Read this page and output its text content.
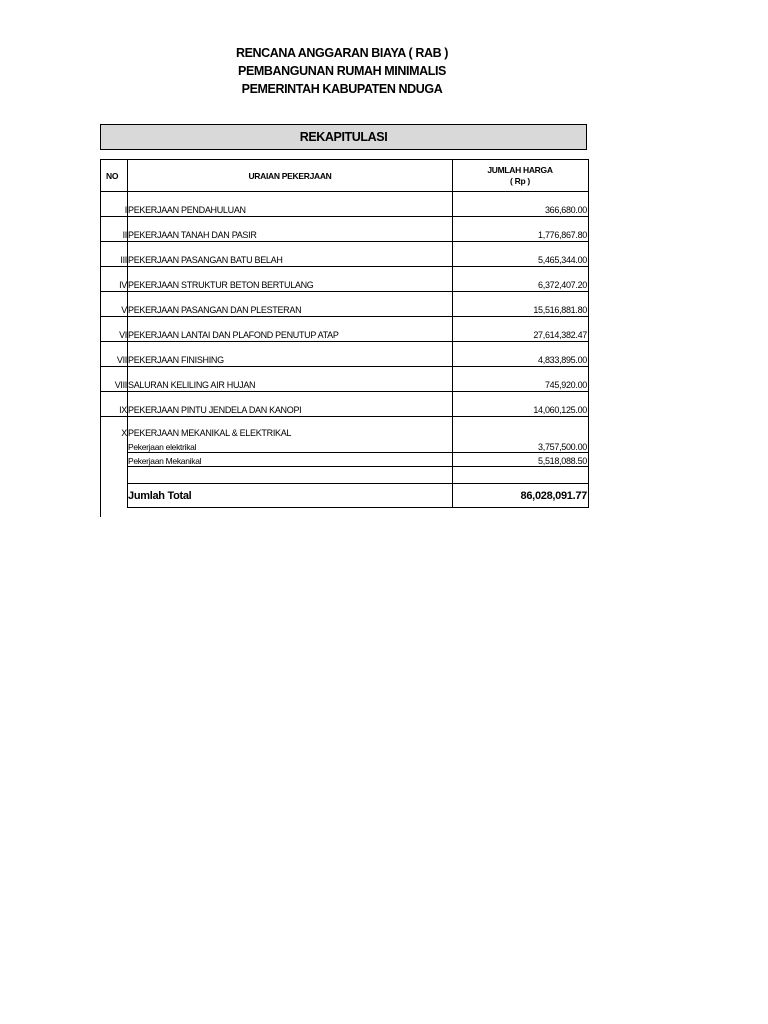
RENCANA ANGGARAN BIAYA ( RAB )
PEMBANGUNAN RUMAH MINIMALIS
PEMERINTAH KABUPATEN NDUGA
REKAPITULASI
NO	URAIAN PEKERJAAN	JUMLAH HARGA
( Rp )

I	PEKERJAAN PENDAHULUAN	366,680.00
II	PEKERJAAN TANAH DAN PASIR	1,776,867.80
III	PEKERJAAN PASANGAN BATU BELAH	5,465,344.00
IV	PEKERJAAN STRUKTUR BETON BERTULANG	6,372,407.20
V	PEKERJAAN PASANGAN DAN PLESTERAN	15,516,881.80
VI	PEKERJAAN LANTAI DAN PLAFOND PENUTUP ATAP	27,614,382.47
VII	PEKERJAAN FINISHING	4,833,895.00
VIII	SALURAN KELILING AIR HUJAN	745,920.00
IX	PEKERJAAN PINTU JENDELA DAN KANOPI	14,060,125.00
X	PEKERJAAN MEKANIKAL & ELEKTRIKAL	
	Pekerjaan elektrikal	3,757,500.00
	Pekerjaan Mekanikal	5,518,088.50

	Jumlah Total	86,028,091.77
